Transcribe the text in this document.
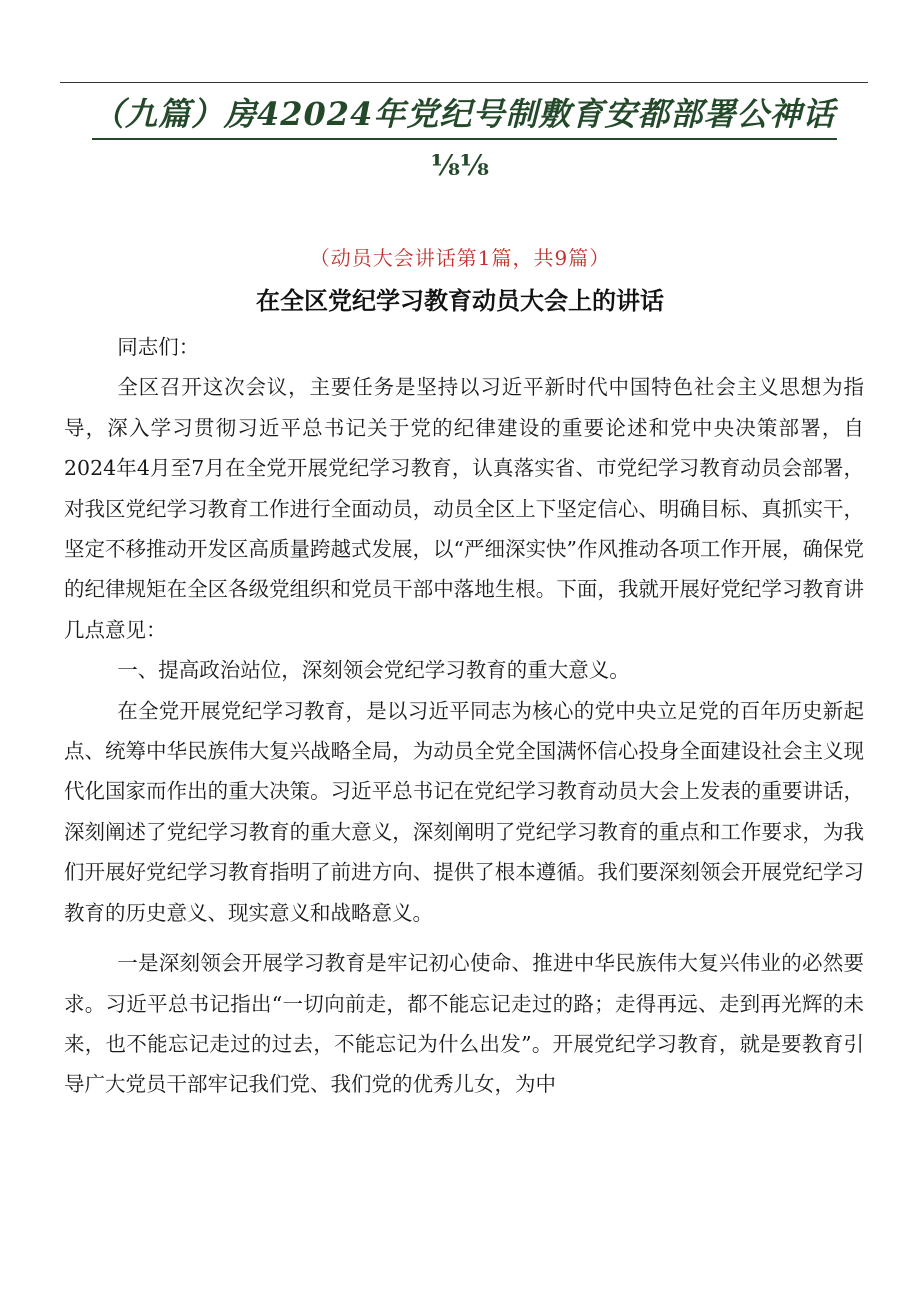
（九篇）房42024年党纪号制敷育安都部署公神话
⅛⅛
（动员大会讲话第1篇，共9篇）
在全区党纪学习教育动员大会上的讲话

同志们：

全区召开这次会议，主要任务是坚持以习近平新时代中国特色社会主义思想为指导，深入学习贯彻习近平总书记关于党的纪律建设的重要论述和党中央决策部署，自2024年4月至7月在全党开展党纪学习教育，认真落实省、市党纪学习教育动员会部署，对我区党纪学习教育工作进行全面动员，动员全区上下坚定信心、明确目标、真抓实干，坚定不移推动开发区高质量跨越式发展，以“严细深实快”作风推动各项工作开展，确保党的纪律规矩在全区各级党组织和党员干部中落地生根。下面，我就开展好党纪学习教育讲几点意见：

一、提高政治站位，深刻领会党纪学习教育的重大意义。

在全党开展党纪学习教育，是以习近平同志为核心的党中央立足党的百年历史新起点、统筹中华民族伟大复兴战略全局，为动员全党全国满怀信心投身全面建设社会主义现代化国家而作出的重大决策。习近平总书记在党纪学习教育动员大会上发表的重要讲话，深刻阐述了党纪学习教育的重大意义，深刻阐明了党纪学习教育的重点和工作要求，为我们开展好党纪学习教育指明了前进方向、提供了根本遵循。我们要深刻领会开展党纪学习教育的历史意义、现实意义和战略意义。

一是深刻领会开展学习教育是牢记初心使命、推进中华民族伟大复兴伟业的必然要求。习近平总书记指出“一切向前走，都不能忘记走过的路；走得再远、走到再光辉的未来，也不能忘记走过的过去，不能忘记为什么出发”。开展党纪学习教育，就是要教育引导广大党员干部牢记我们党、我们党的优秀儿女，为中
